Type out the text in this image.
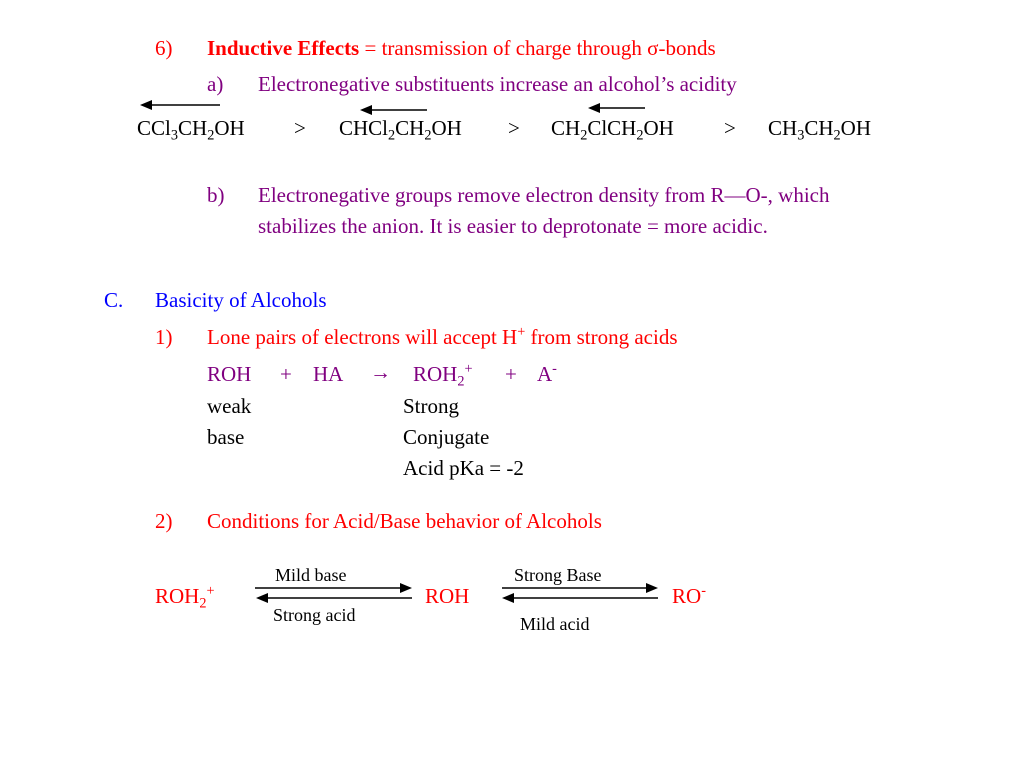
6) Inductive Effects = transmission of charge through σ-bonds
a) Electronegative substituents increase an alcohol’s acidity
$CCl_3CH_2OH$ > $CHCl_2CH_2OH$ > $CH_2ClCH_2OH > CH_3CH_2OH$
b) Electronegative groups remove electron density from R—O-, which
stabilizes the anion. It is easier to deprotonate = more acidic.
C. Basicity of Alcohols
1) Lone pairs of electrons will accept H+ from strong acids
ROH + HA → $ROH_2^+ + A^-$
weak
base
Strong
Conjugate
Acid pKa = -2
2) Conditions for Acid/Base behavior of Alcohols
Mild base	Strong Base
$ROH_2^+$	ROH	RO-
Strong acid	Mild acid
